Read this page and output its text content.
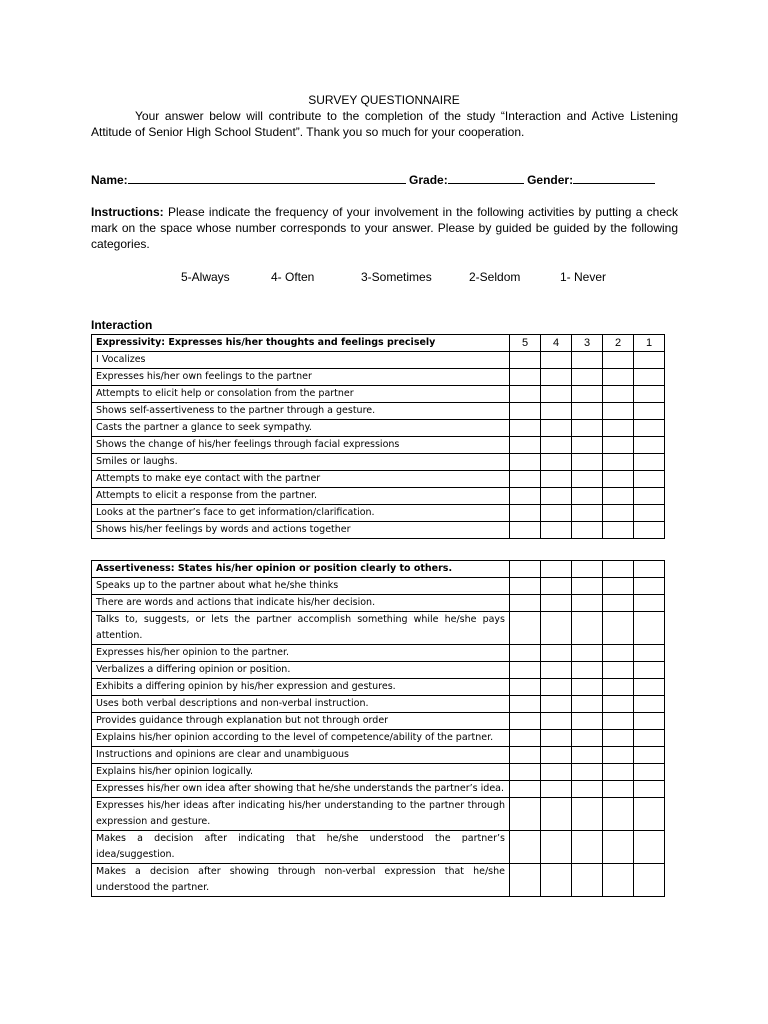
SURVEY QUESTIONNAIRE
Your answer below will contribute to the completion of the study “Interaction and Active Listening Attitude of Senior High School Student”. Thank you so much for your cooperation.
Name:	Grade:	Gender:
Instructions: Please indicate the frequency of your involvement in the following activities by putting a check mark on the space whose number corresponds to your answer. Please by guided be guided by the following categories.
5-Always	4- Often	3-Sometimes	2-Seldom	1- Never
Interaction
Expressivity: Expresses his/her thoughts and feelings precisely	5	4	3	2	1
I Vocalizes					
Expresses his/her own feelings to the partner					
Attempts to elicit help or consolation from the partner					
Shows self-assertiveness to the partner through a gesture.					
Casts the partner a glance to seek sympathy.					
Shows the change of his/her feelings through facial expressions					
Smiles or laughs.					
Attempts to make eye contact with the partner					
Attempts to elicit a response from the partner.					
Looks at the partner’s face to get information/clarification.					
Shows his/her feelings by words and actions together					
Assertiveness: States his/her opinion or position clearly to others.					
Speaks up to the partner about what he/she thinks					
There are words and actions that indicate his/her decision.					
Talks to, suggests, or lets the partner accomplish something while he/she pays attention.					
Expresses his/her opinion to the partner.					
Verbalizes a differing opinion or position.					
Exhibits a differing opinion by his/her expression and gestures.					
Uses both verbal descriptions and non-verbal instruction.					
Provides guidance through explanation but not through order					
Explains his/her opinion according to the level of competence/ability of the partner.					
Instructions and opinions are clear and unambiguous					
Explains his/her opinion logically.					
Expresses his/her own idea after showing that he/she understands the partner’s idea.					
Expresses his/her ideas after indicating his/her understanding to the partner through expression and gesture.					
Makes a decision after indicating that he/she understood the partner’s idea/suggestion.					
Makes a decision after showing through non-verbal expression that he/she understood the partner.					
